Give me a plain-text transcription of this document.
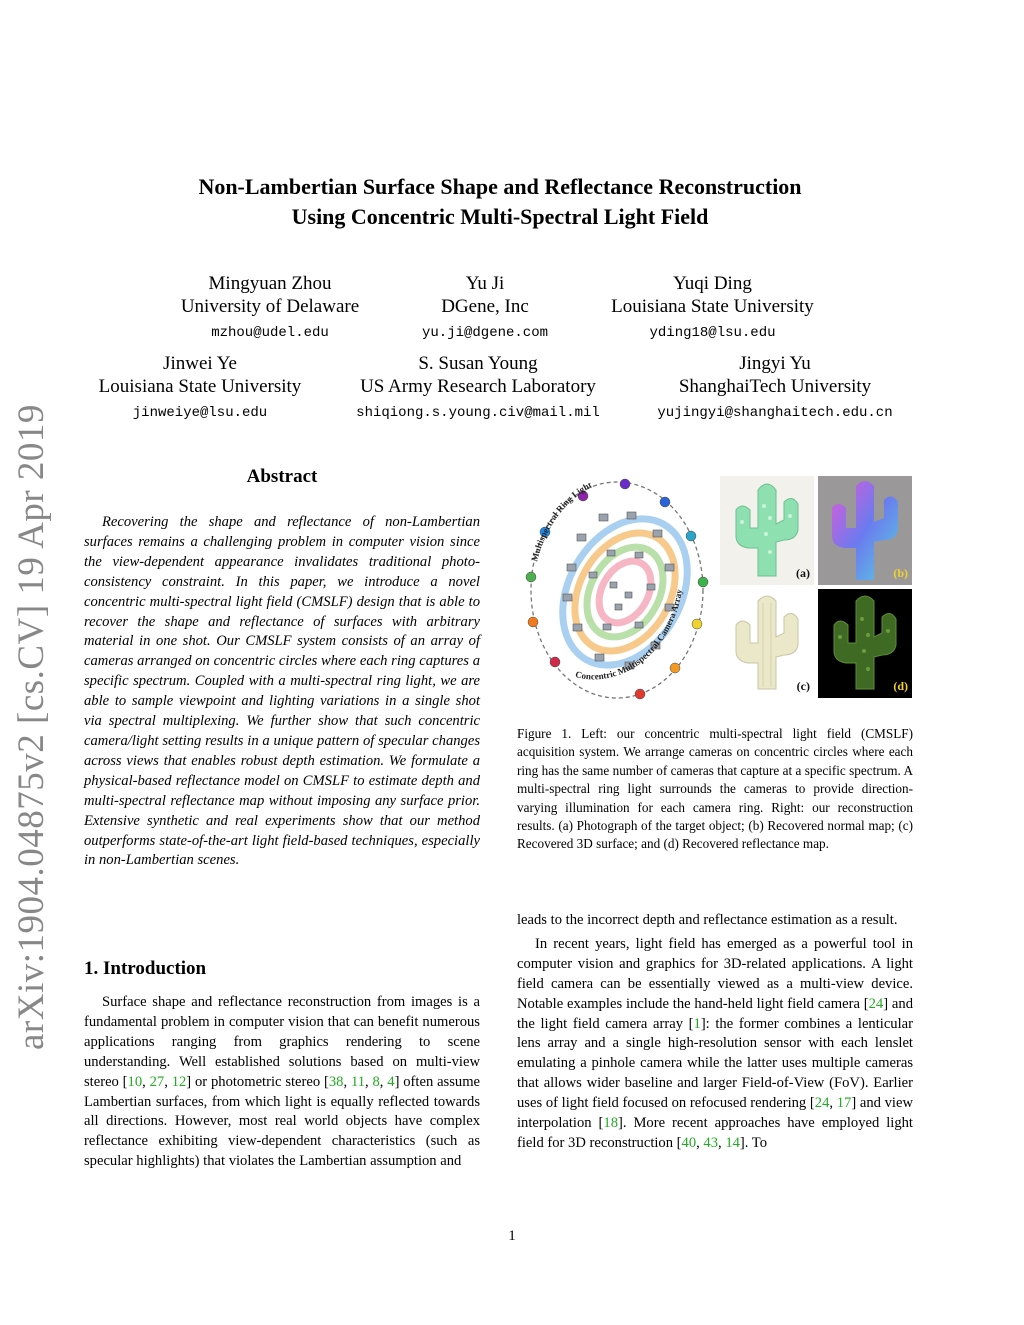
arXiv:1904.04875v2 [cs.CV] 19 Apr 2019
Non-Lambertian Surface Shape and Reflectance Reconstruction
Using Concentric Multi-Spectral Light Field
Mingyuan Zhou
University of Delaware
mzhou@udel.edu
Yu Ji
DGene, Inc
yu.ji@dgene.com
Yuqi Ding
Louisiana State University
yding18@lsu.edu
Jinwei Ye
Louisiana State University
jinweiye@lsu.edu
S. Susan Young
US Army Research Laboratory
shiqiong.s.young.civ@mail.mil
Jingyi Yu
ShanghaiTech University
yujingyi@shanghaitech.edu.cn
Abstract

Recovering the shape and reflectance of non-Lambertian surfaces remains a challenging problem in computer vision since the view-dependent appearance invalidates traditional photo-consistency constraint. In this paper, we introduce a novel concentric multi-spectral light field (CMSLF) design that is able to recover the shape and reflectance of surfaces with arbitrary material in one shot. Our CMSLF system consists of an array of cameras arranged on concentric circles where each ring captures a specific spectrum. Coupled with a multi-spectral ring light, we are able to sample viewpoint and lighting variations in a single shot via spectral multiplexing. We further show that such concentric camera/light setting results in a unique pattern of specular changes across views that enables robust depth estimation. We formulate a physical-based reflectance model on CMSLF to estimate depth and multi-spectral reflectance map without imposing any surface prior. Extensive synthetic and real experiments show that our method outperforms state-of-the-art light field-based techniques, especially in non-Lambertian scenes.

1. Introduction

Surface shape and reflectance reconstruction from images is a fundamental problem in computer vision that can benefit numerous applications ranging from graphics rendering to scene understanding. Well established solutions based on multi-view stereo [10, 27, 12] or photometric stereo [38, 11, 8, 4] often assume Lambertian surfaces, from which light is equally reflected towards all directions. However, most real world objects have complex reflectance exhibiting view-dependent characteristics (such as specular highlights) that violates the Lambertian assumption and

leads to the incorrect depth and reflectance estimation as a result.

In recent years, light field has emerged as a powerful tool in computer vision and graphics for 3D-related applications. A light field camera can be essentially viewed as a multi-view device. Notable examples include the hand-held light field camera [24] and the light field camera array [1]: the former combines a lenticular lens array and a single high-resolution sensor with each lenslet emulating a pinhole camera while the latter uses multiple cameras that allows wider baseline and larger Field-of-View (FoV). Earlier uses of light field focused on refocused rendering [24, 17] and view interpolation [18]. More recent approaches have employed light field for 3D reconstruction [40, 43, 14]. To

Multispectral Ring Light
Concentric Multispectral Camera Array
(a)	(b)
(c)	(d)

Figure 1. Left: our concentric multi-spectral light field (CMSLF) acquisition system. We arrange cameras on concentric circles where each ring has the same number of cameras that capture at a specific spectrum. A multi-spectral ring light surrounds the cameras to provide direction-varying illumination for each camera ring. Right: our reconstruction results. (a) Photograph of the target object; (b) Recovered normal map; (c) Recovered 3D surface; and (d) Recovered reflectance map.

1
